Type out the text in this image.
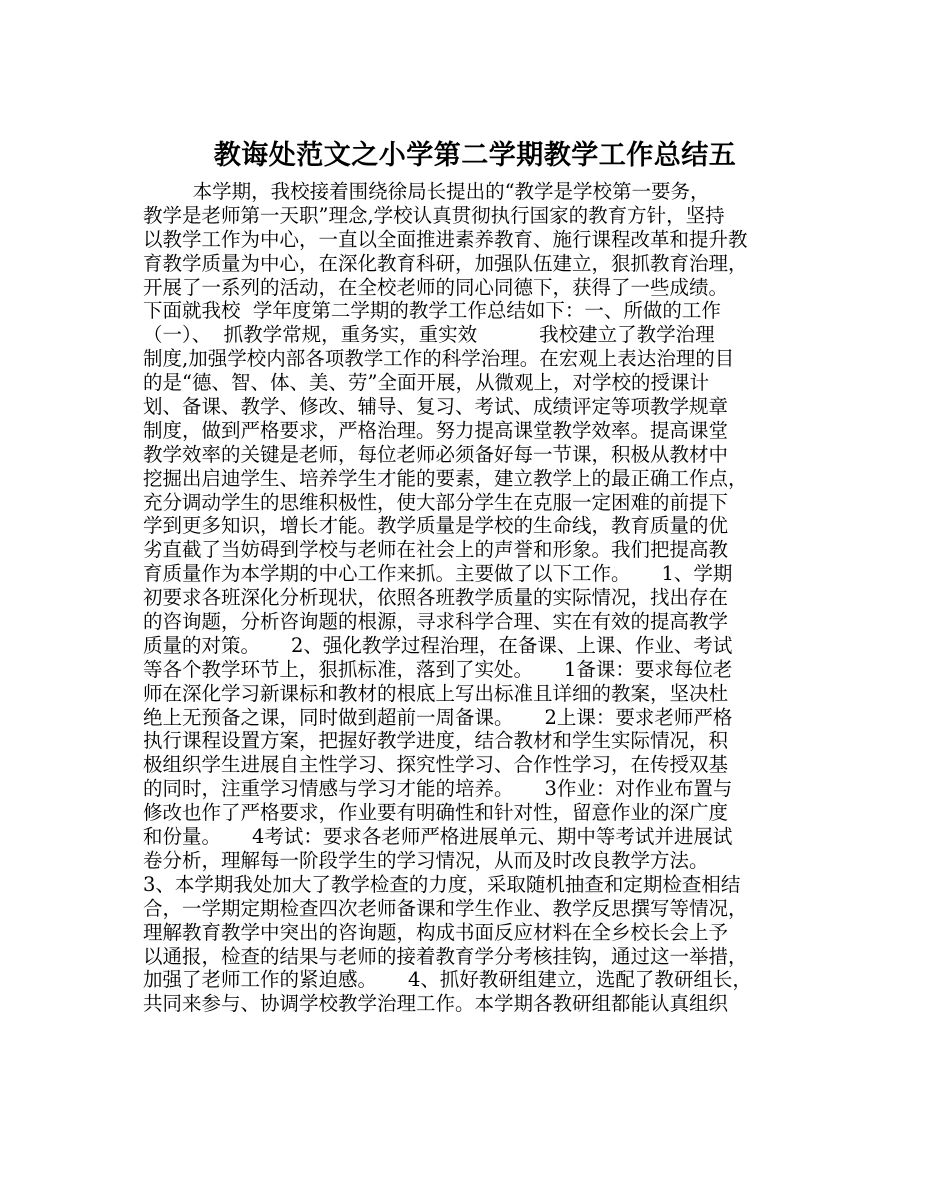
教诲处范文之小学第二学期教学工作总结五
本学期，我校接着围绕徐局长提出的“教学是学校第一要务，
教学是老师第一天职”理念,学校认真贯彻执行国家的教育方针，坚持
以教学工作为中心，一直以全面推进素养教育、施行课程改革和提升教
育教学质量为中心，在深化教育科研，加强队伍建立，狠抓教育治理，
开展了一系列的活动，在全校老师的同心同德下，获得了一些成绩。
下面就我校  学年度第二学期的教学工作总结如下：一、所做的工作
（一）、  抓教学常规，重务实，重实效          我校建立了教学治理
制度,加强学校内部各项教学工作的科学治理。在宏观上表达治理的目
的是“德、智、体、美、劳”全面开展，从微观上，对学校的授课计
划、备课、教学、修改、辅导、复习、考试、成绩评定等项教学规章
制度，做到严格要求，严格治理。努力提高课堂教学效率。提高课堂
教学效率的关键是老师，每位老师必须备好每一节课，积极从教材中
挖掘出启迪学生、培养学生才能的要素，建立教学上的最正确工作点，
充分调动学生的思维积极性，使大部分学生在克服一定困难的前提下
学到更多知识，增长才能。教学质量是学校的生命线，教育质量的优
劣直截了当妨碍到学校与老师在社会上的声誉和形象。我们把提高教
育质量作为本学期的中心工作来抓。主要做了以下工作。     1、学期
初要求各班深化分析现状，依照各班教学质量的实际情况，找出存在
的咨询题，分析咨询题的根源，寻求科学合理、实在有效的提高教学
质量的对策。     2、强化教学过程治理，在备课、上课、作业、考试
等各个教学环节上，狠抓标准，落到了实处。     1备课：要求每位老
师在深化学习新课标和教材的根底上写出标准且详细的教案，坚决杜
绝上无预备之课，同时做到超前一周备课。     2上课：要求老师严格
执行课程设置方案，把握好教学进度，结合教材和学生实际情况，积
极组织学生进展自主性学习、探究性学习、合作性学习，在传授双基
的同时，注重学习情感与学习才能的培养。     3作业：对作业布置与
修改也作了严格要求，作业要有明确性和针对性，留意作业的深广度
和份量。     4考试：要求各老师严格进展单元、期中等考试并进展试
卷分析，理解每一阶段学生的学习情况，从而及时改良教学方法。
3、本学期我处加大了教学检查的力度，采取随机抽查和定期检查相结
合，一学期定期检查四次老师备课和学生作业、教学反思撰写等情况，
理解教育教学中突出的咨询题，构成书面反应材料在全乡校长会上予
以通报，检查的结果与老师的接着教育学分考核挂钩，通过这一举措，
加强了老师工作的紧迫感。     4、抓好教研组建立，选配了教研组长，
共同来参与、协调学校教学治理工作。本学期各教研组都能认真组织
